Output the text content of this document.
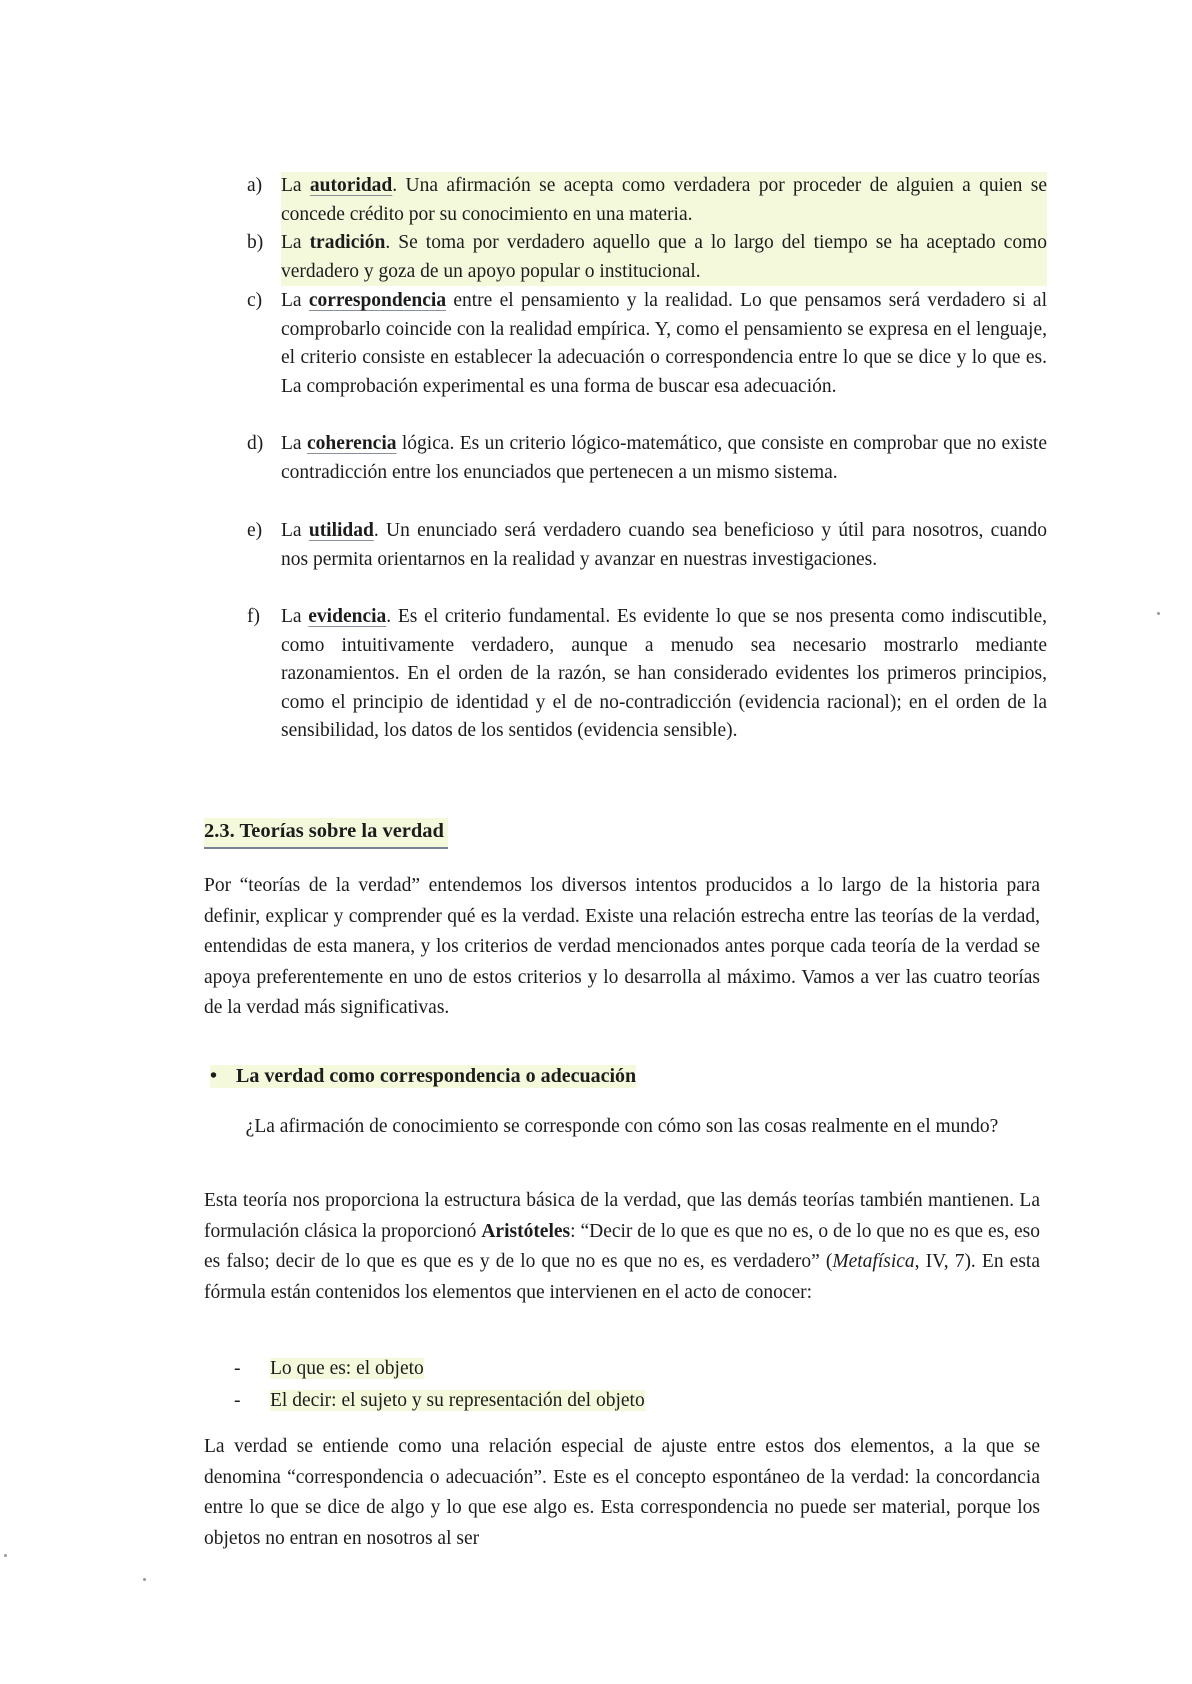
a) La autoridad. Una afirmación se acepta como verdadera por proceder de alguien a quien se concede crédito por su conocimiento en una materia.

b) La tradición. Se toma por verdadero aquello que a lo largo del tiempo se ha aceptado como verdadero y goza de un apoyo popular o institucional.

c) La correspondencia entre el pensamiento y la realidad. Lo que pensamos será verdadero si al comprobarlo coincide con la realidad empírica. Y, como el pensamiento se expresa en el lenguaje, el criterio consiste en establecer la adecuación o correspondencia entre lo que se dice y lo que es. La comprobación experimental es una forma de buscar esa adecuación.

d) La coherencia lógica. Es un criterio lógico-matemático, que consiste en comprobar que no existe contradicción entre los enunciados que pertenecen a un mismo sistema.

e) La utilidad. Un enunciado será verdadero cuando sea beneficioso y útil para nosotros, cuando nos permita orientarnos en la realidad y avanzar en nuestras investigaciones.

f) La evidencia. Es el criterio fundamental. Es evidente lo que se nos presenta como indiscutible, como intuitivamente verdadero, aunque a menudo sea necesario mostrarlo mediante razonamientos. En el orden de la razón, se han considerado evidentes los primeros principios, como el principio de identidad y el de no-contradicción (evidencia racional); en el orden de la sensibilidad, los datos de los sentidos (evidencia sensible).

2.3. Teorías sobre la verdad

Por “teorías de la verdad” entendemos los diversos intentos producidos a lo largo de la historia para definir, explicar y comprender qué es la verdad. Existe una relación estrecha entre las teorías de la verdad, entendidas de esta manera, y los criterios de verdad mencionados antes porque cada teoría de la verdad se apoya preferentemente en uno de estos criterios y lo desarrolla al máximo. Vamos a ver las cuatro teorías de la verdad más significativas.

• La verdad como correspondencia o adecuación

¿La afirmación de conocimiento se corresponde con cómo son las cosas realmente en el mundo?

Esta teoría nos proporciona la estructura básica de la verdad, que las demás teorías también mantienen. La formulación clásica la proporcionó Aristóteles: “Decir de lo que es que no es, o de lo que no es que es, eso es falso; decir de lo que es que es y de lo que no es que no es, es verdadero” (Metafísica, IV, 7). En esta fórmula están contenidos los elementos que intervienen en el acto de conocer:

- Lo que es: el objeto
- El decir: el sujeto y su representación del objeto

La verdad se entiende como una relación especial de ajuste entre estos dos elementos, a la que se denomina “correspondencia o adecuación”. Este es el concepto espontáneo de la verdad: la concordancia entre lo que se dice de algo y lo que ese algo es. Esta correspondencia no puede ser material, porque los objetos no entran en nosotros al ser
